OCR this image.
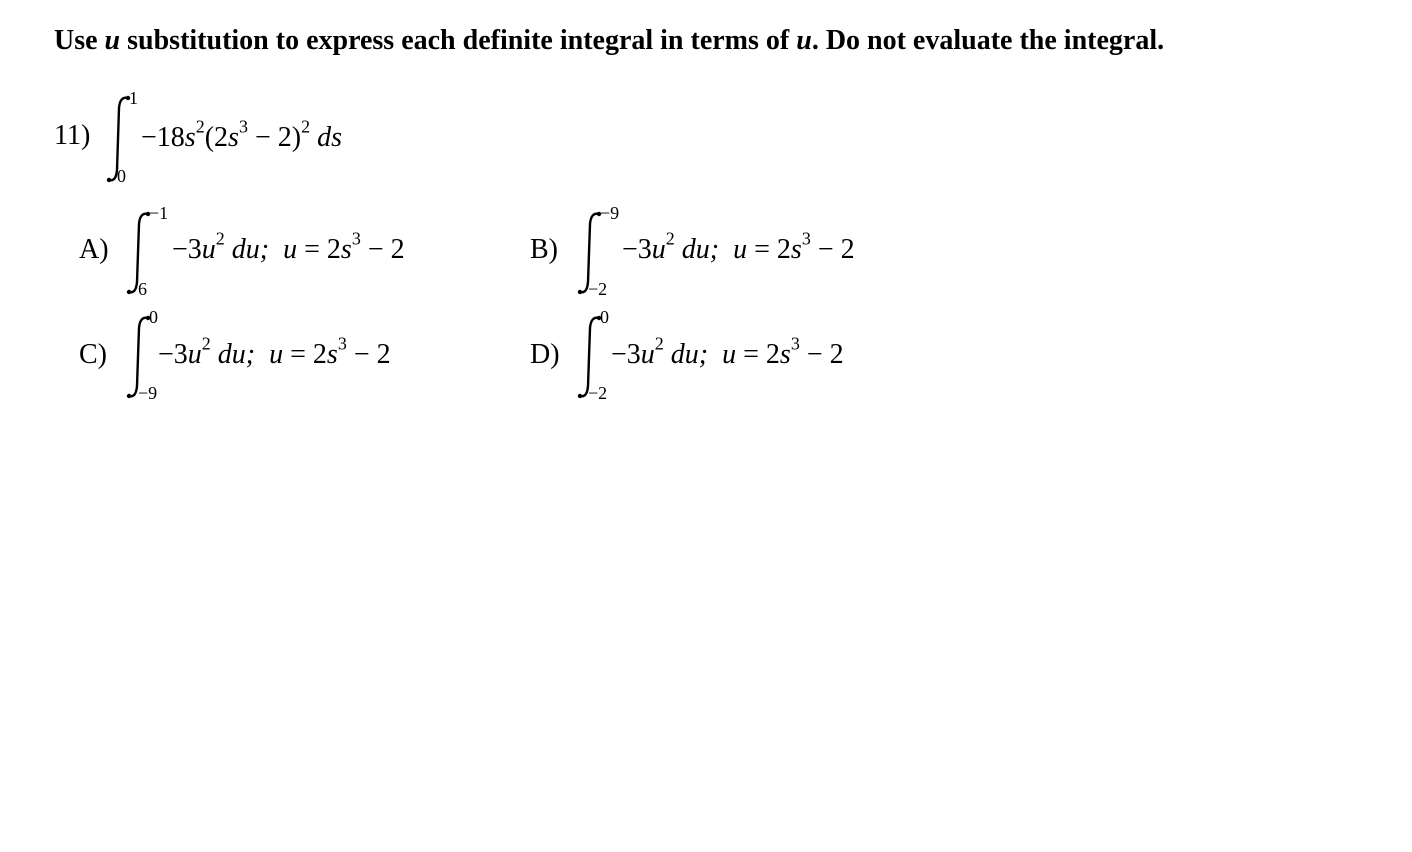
Use u substitution to express each definite integral in terms of u. Do not evaluate the integral.
11)
1
0
$-18s^2(2s^3 - 2)^2$ ds
A)
−1
6
$-3u^2$ du; $u = 2s^3 - 2$	B)
−9
−2
$-3u^2$ du; $u = 2s^3 - 2$
C)
0
−9
$-3u^2$ du; $u = 2s^3 - 2$	D)
0
−2
$-3u^2$ du; $u = 2s^3 - 2$
